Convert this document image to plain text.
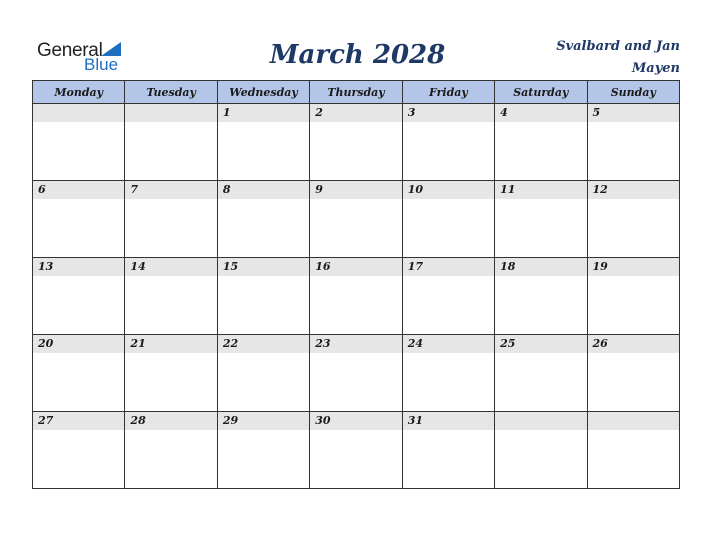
General
Blue	March 2028	Svalbard and Jan Mayen
Monday	Tuesday	Wednesday	Thursday	Friday	Saturday	Sunday

		1	2	3	4	5

6	7	8	9	10	11	12

13	14	15	16	17	18	19

20	21	22	23	24	25	26

27	28	29	30	31		
